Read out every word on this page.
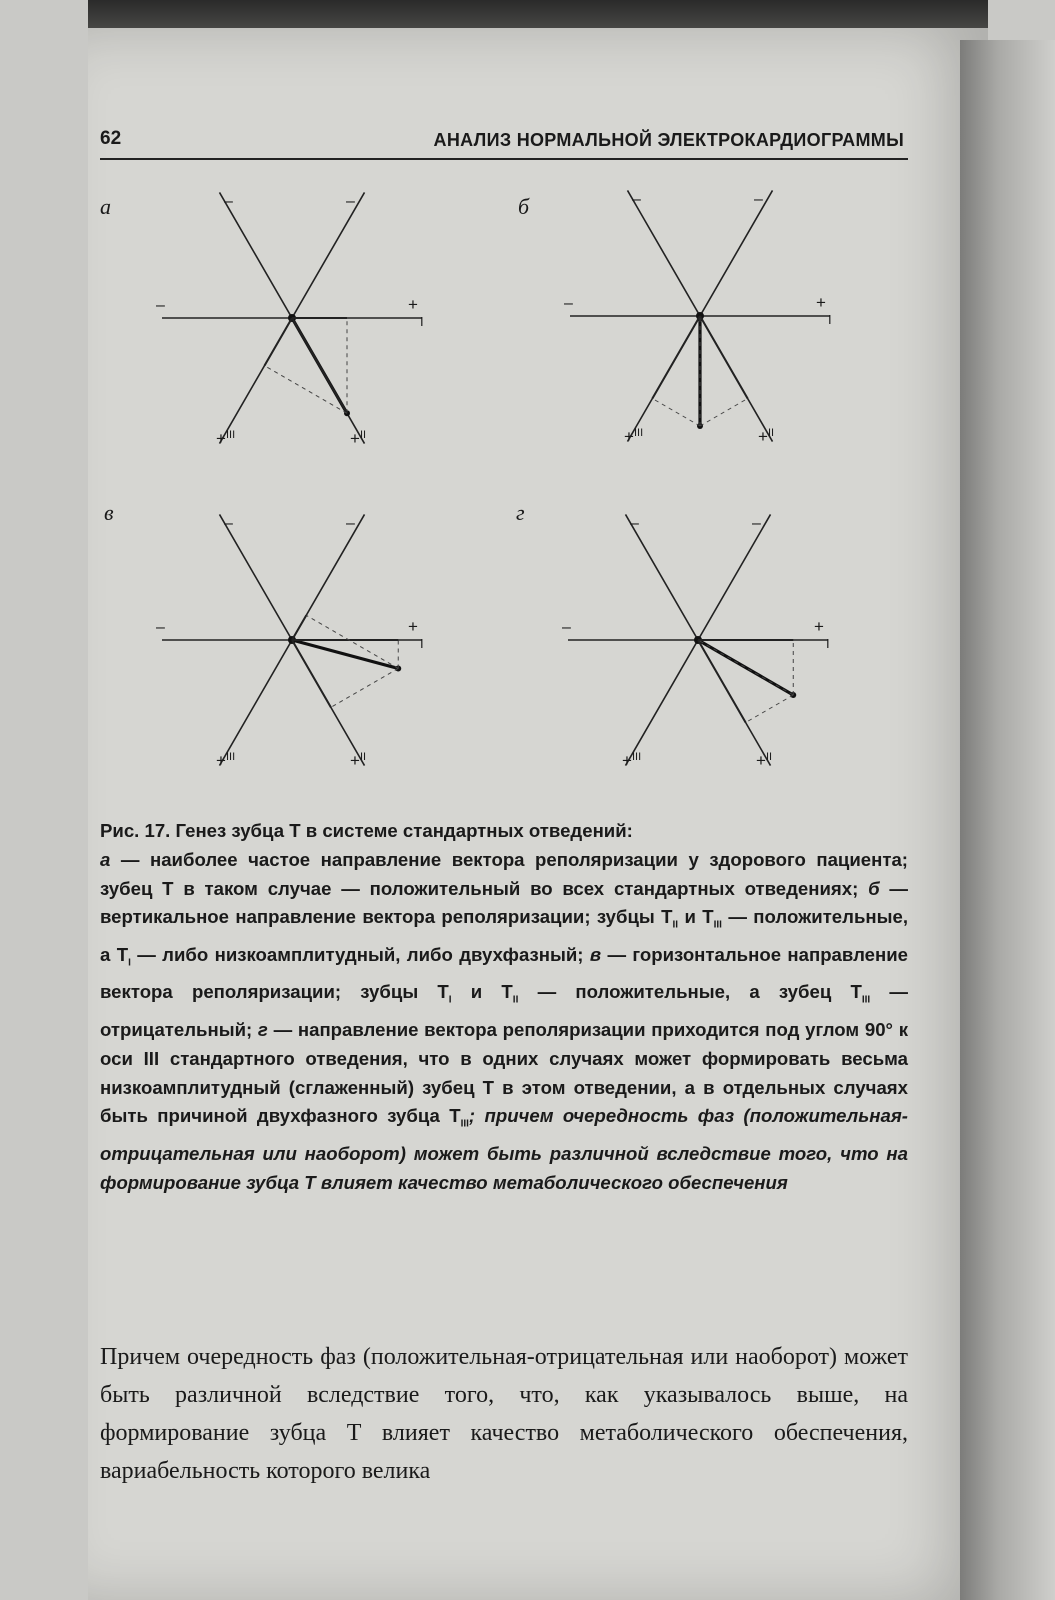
62	АНАЛИЗ НОРМАЛЬНОЙ ЭЛЕКТРОКАРДИОГРАММЫ
а	б
в	г
–	+
I
–	–
+ II
+ III
–	+
I
–	–
+ II
+ III
–	+
I
–	–
+ II
+ III
–	+
I
–	–
+ II
+ III
Рис. 17. Генез зубца Т в системе стандартных отведений:
а — наиболее частое направление вектора реполяризации у здорового пациента; зубец Т в таком случае — положительный во всех стандартных отведениях; б — вертикальное направление вектора реполяризации; зубцы $Т_{II}$ и $Т_{III}$ — положительные, а $Т_I$ — либо низкоамплитудный, либо двухфазный; в — горизонтальное направление вектора реполяризации; зубцы $Т_I$ и $Т_{II}$ — положительные, а зубец $Т_{III}$ — отрицательный; г — направление вектора реполяризации приходится под углом 90° к оси III стандартного отведения, что в одних случаях может формировать весьма низкоамплитудный (сглаженный) зубец Т в этом отведении, а в отдельных случаях быть причиной двухфазного зубца $Т_{III}$; причем очередность фаз (положительная-отрицательная или наоборот) может быть различной вследствие того, что на формирование зубца Т влияет качество метаболического обеспечения
Причем очередность фаз (положительная-отрицательная или наоборот) может быть различной вследствие того, что, как указывалось выше, на формирование зубца Т влияет качество метаболического обеспечения, вариабельность которого велика
